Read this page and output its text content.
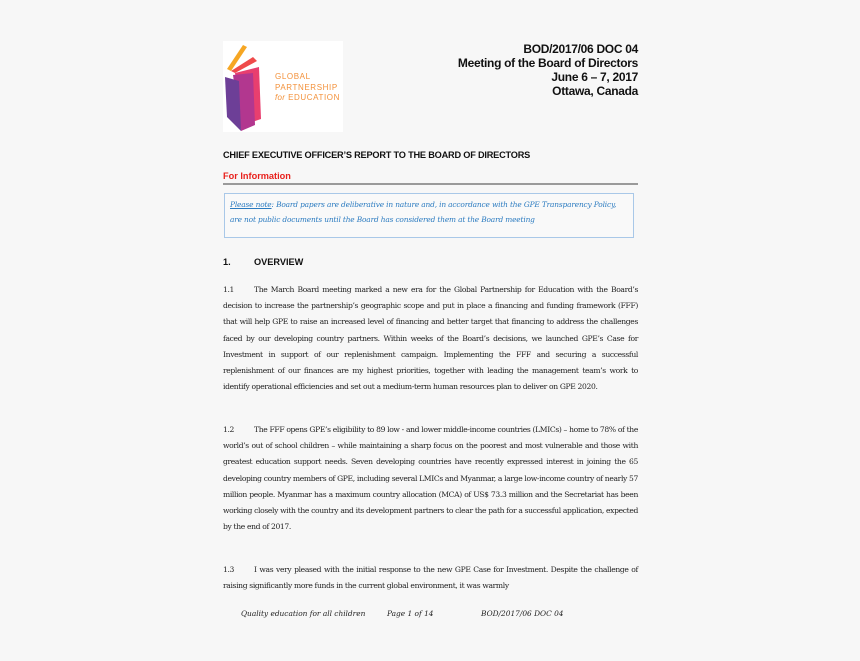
GLOBAL
PARTNERSHIP
for EDUCATION
BOD/2017/06 DOC 04
Meeting of the Board of Directors
June 6 – 7, 2017
Ottawa, Canada
CHIEF EXECUTIVE OFFICER’S REPORT TO THE BOARD OF DIRECTORS
For Information
Please note: Board papers are deliberative in nature and, in accordance with the GPE Transparency Policy, are not public documents until the Board has considered them at the Board meeting
1.	OVERVIEW
1.1	The March Board meeting marked a new era for the Global Partnership for Education with the Board’s decision to increase the partnership’s geographic scope and put in place a financing and funding framework (FFF) that will help GPE to raise an increased level of financing and better target that financing to address the challenges faced by our developing country partners. Within weeks of the Board’s decisions, we launched GPE’s Case for Investment in support of our replenishment campaign. Implementing the FFF and securing a successful replenishment of our finances are my highest priorities, together with leading the management team’s work to identify operational efficiencies and set out a medium-term human resources plan to deliver on GPE 2020.
1.2	The FFF opens GPE’s eligibility to 89 low - and lower middle-income countries (LMICs) – home to 78% of the world’s out of school children – while maintaining a sharp focus on the poorest and most vulnerable and those with greatest education support needs. Seven developing countries have recently expressed interest in joining the 65 developing country members of GPE, including several LMICs and Myanmar, a large low-income country of nearly 57 million people. Myanmar has a maximum country allocation (MCA) of US$ 73.3 million and the Secretariat has been working closely with the country and its development partners to clear the path for a successful application, expected by the end of 2017.
1.3	I was very pleased with the initial response to the new GPE Case for Investment. Despite the challenge of raising significantly more funds in the current global environment, it was warmly
Quality education for all children	Page 1 of 14	BOD/2017/06 DOC 04
